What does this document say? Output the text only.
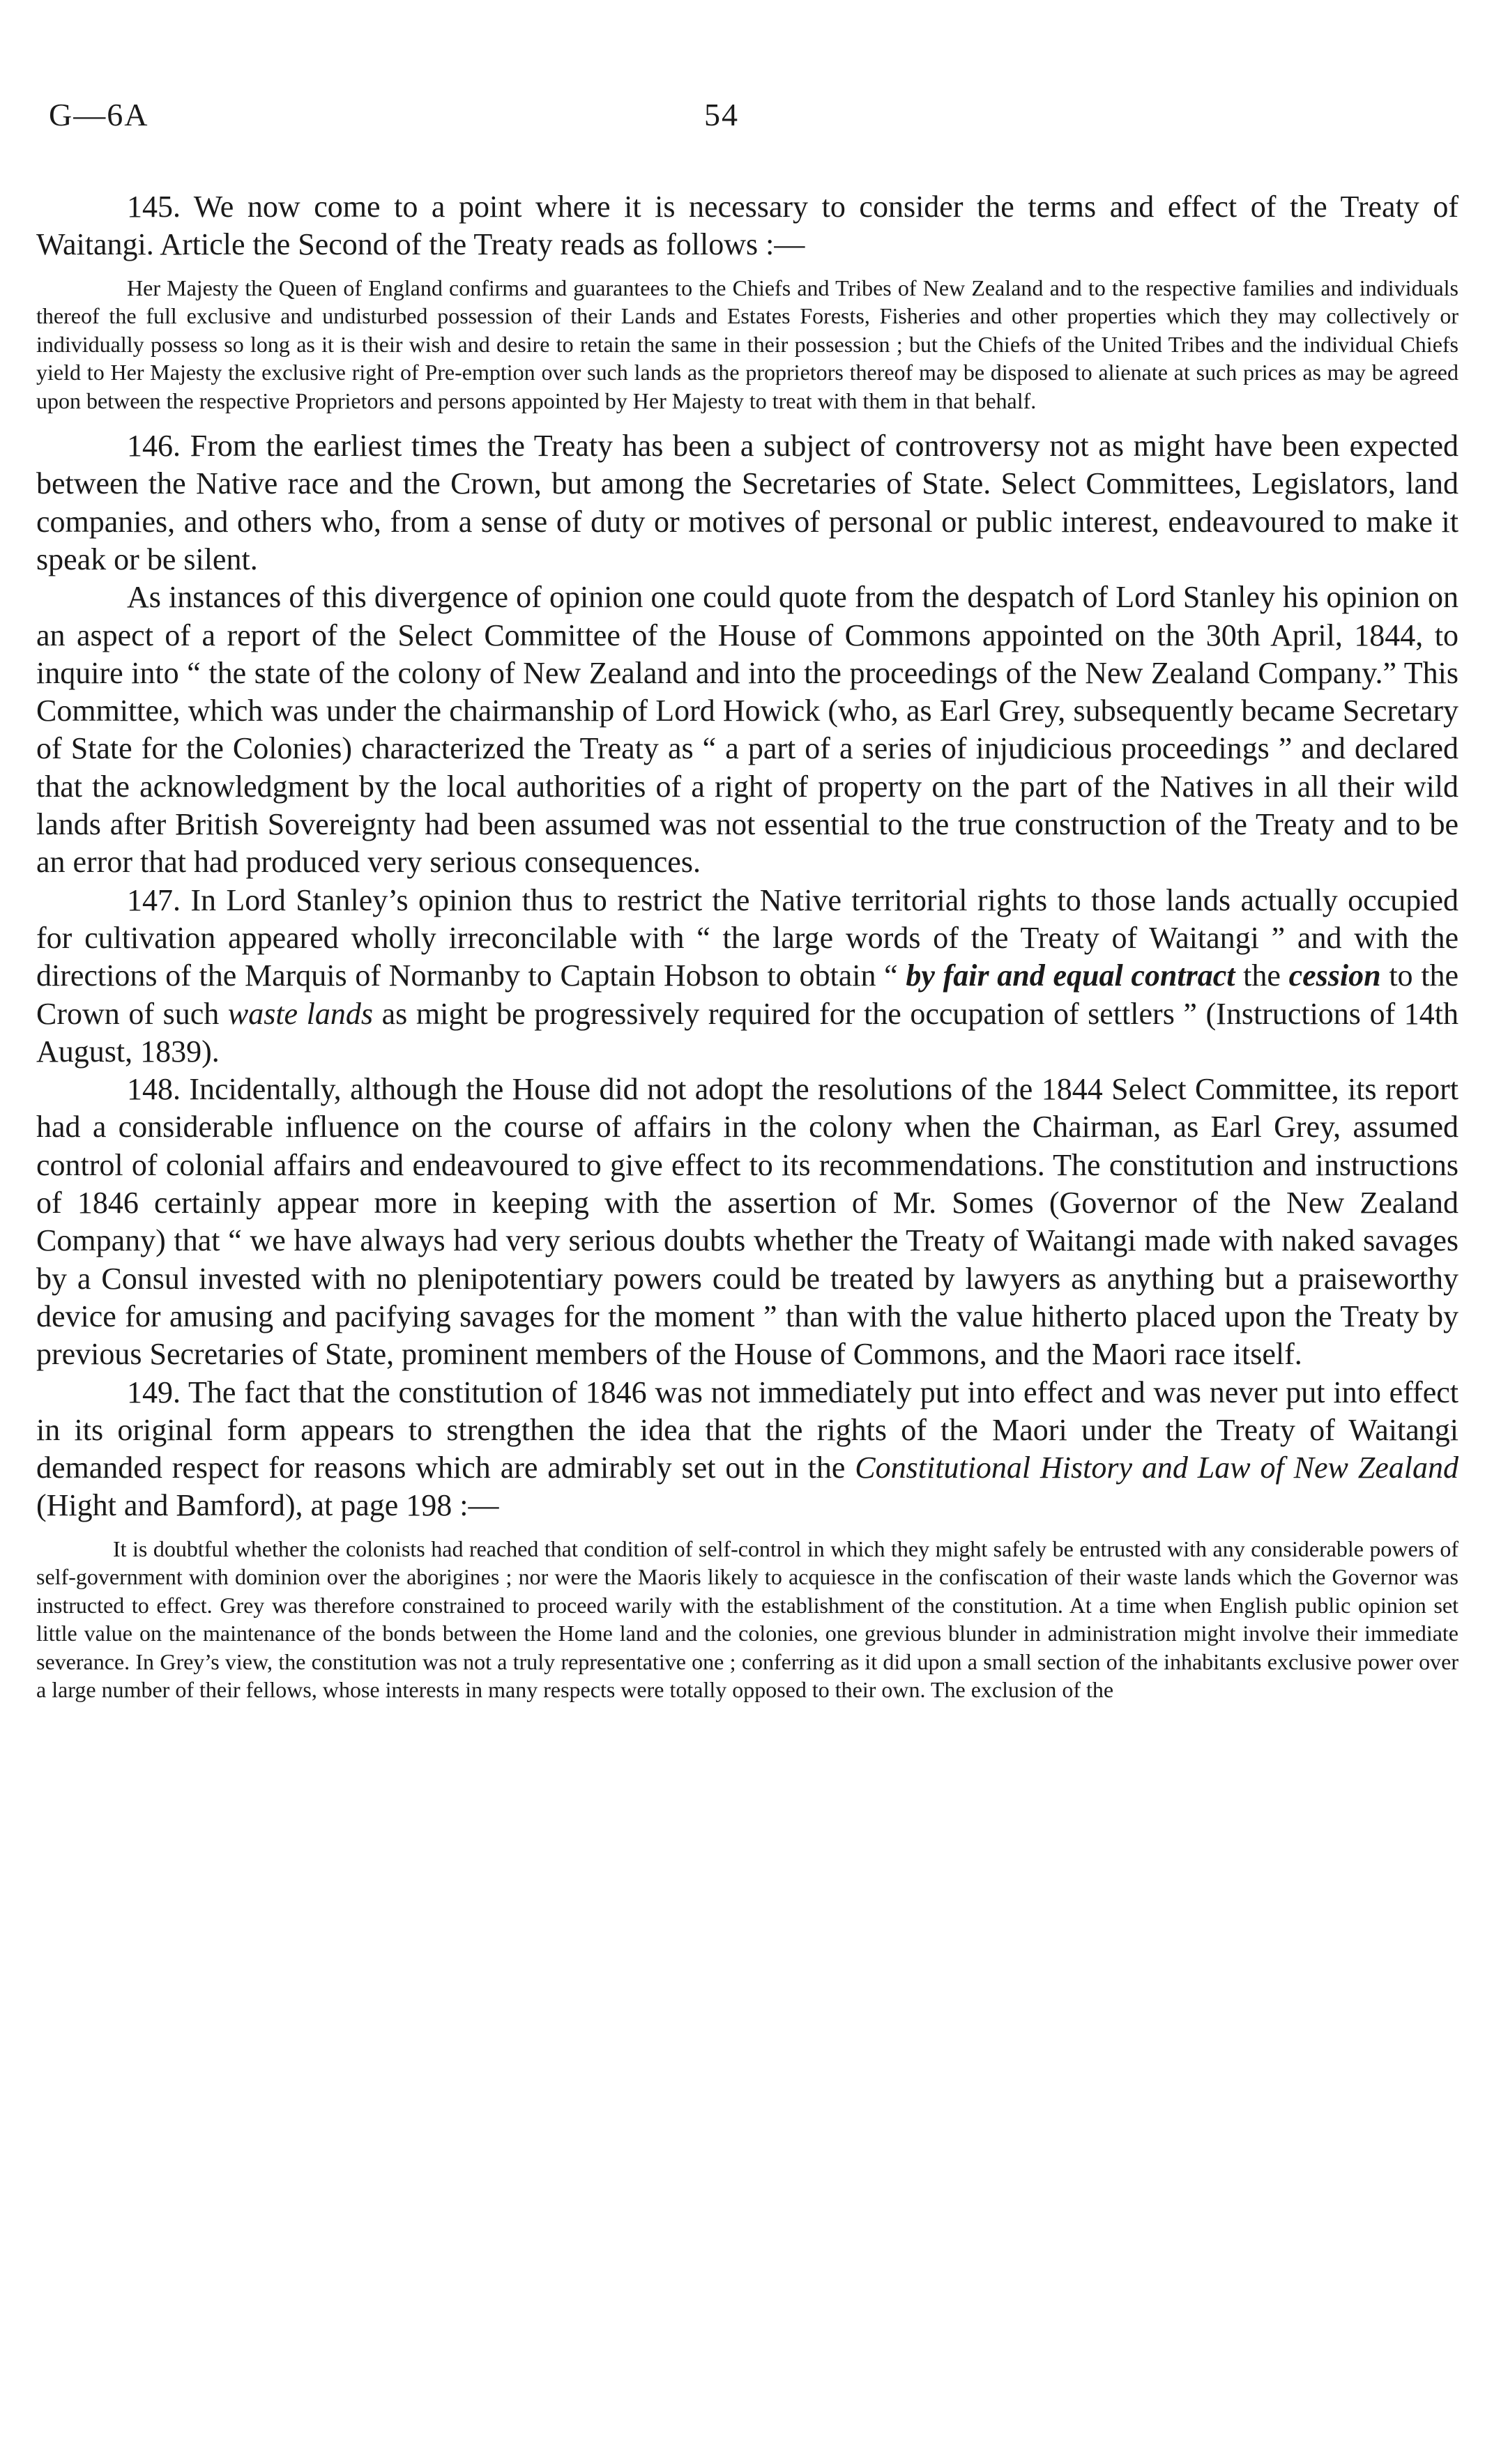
G—6A	54

145. We now come to a point where it is necessary to consider the terms and effect of the Treaty of Waitangi. Article the Second of the Treaty reads as follows :—

Her Majesty the Queen of England confirms and guarantees to the Chiefs and Tribes of New Zealand and to the respective families and individuals thereof the full exclusive and undisturbed possession of their Lands and Estates Forests, Fisheries and other properties which they may collectively or individually possess so long as it is their wish and desire to retain the same in their possession ; but the Chiefs of the United Tribes and the individual Chiefs yield to Her Majesty the exclusive right of Pre-emption over such lands as the proprietors thereof may be disposed to alienate at such prices as may be agreed upon between the respective Proprietors and persons appointed by Her Majesty to treat with them in that behalf.

146. From the earliest times the Treaty has been a subject of controversy not as might have been expected between the Native race and the Crown, but among the Secretaries of State. Select Committees, Legislators, land companies, and others who, from a sense of duty or motives of personal or public interest, endeavoured to make it speak or be silent.

As instances of this divergence of opinion one could quote from the despatch of Lord Stanley his opinion on an aspect of a report of the Select Committee of the House of Commons appointed on the 30th April, 1844, to inquire into “ the state of the colony of New Zealand and into the proceedings of the New Zealand Company.” This Committee, which was under the chairmanship of Lord Howick (who, as Earl Grey, subsequently became Secretary of State for the Colonies) characterized the Treaty as “ a part of a series of injudicious proceedings ” and declared that the acknowledgment by the local authorities of a right of property on the part of the Natives in all their wild lands after British Sovereignty had been assumed was not essential to the true construction of the Treaty and to be an error that had produced very serious consequences.

147. In Lord Stanley’s opinion thus to restrict the Native territorial rights to those lands actually occupied for cultivation appeared wholly irreconcilable with “ the large words of the Treaty of Waitangi ” and with the directions of the Marquis of Normanby to Captain Hobson to obtain “ by fair and equal contract the cession to the Crown of such waste lands as might be progressively required for the occupation of settlers ” (Instructions of 14th August, 1839).

148. Incidentally, although the House did not adopt the resolutions of the 1844 Select Committee, its report had a considerable influence on the course of affairs in the colony when the Chairman, as Earl Grey, assumed control of colonial affairs and endeavoured to give effect to its recommendations. The constitution and instructions of 1846 certainly appear more in keeping with the assertion of Mr. Somes (Governor of the New Zealand Company) that “ we have always had very serious doubts whether the Treaty of Waitangi made with naked savages by a Consul invested with no plenipotentiary powers could be treated by lawyers as anything but a praiseworthy device for amusing and pacifying savages for the moment ” than with the value hitherto placed upon the Treaty by previous Secretaries of State, prominent members of the House of Commons, and the Maori race itself.

149. The fact that the constitution of 1846 was not immediately put into effect and was never put into effect in its original form appears to strengthen the idea that the rights of the Maori under the Treaty of Waitangi demanded respect for reasons which are admirably set out in the Constitutional History and Law of New Zealand (Hight and Bamford), at page 198 :—

It is doubtful whether the colonists had reached that condition of self-control in which they might safely be entrusted with any considerable powers of self-government with dominion over the aborigines ; nor were the Maoris likely to acquiesce in the confiscation of their waste lands which the Governor was instructed to effect. Grey was therefore constrained to proceed warily with the establishment of the constitution. At a time when English public opinion set little value on the maintenance of the bonds between the Home land and the colonies, one grevious blunder in administration might involve their immediate severance. In Grey’s view, the constitution was not a truly representative one ; conferring as it did upon a small section of the inhabitants exclusive power over a large number of their fellows, whose interests in many respects were totally opposed to their own. The exclusion of the
